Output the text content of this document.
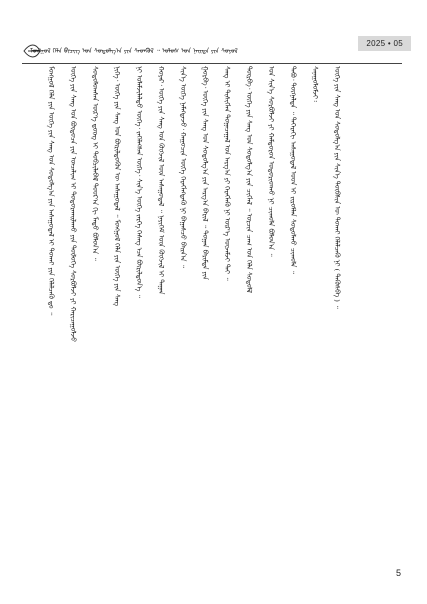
2025 • 05
ᠮᠣᠩᠭᠣᠯ ᠬᠡᠯᠡ ᠪᠢᠴᠢᠭ ᠤᠨ ᠰᠣᠳᠤᠯᠭ᠎ᠠ ᠶᠢᠨ ᠰᠡᠳᠬᠦᠯ ᠃ ᠤᠯᠤᠰ ᠤᠨ ᠨᠡᠢᠲᠡ ᠶᠢᠨ ᠰᠣᠶᠤᠯ
ᠮᠣᠩᠭᠣᠯ ᠬᠡᠯᠡ ᠶᠢᠨ ᠦᠭᠡ ᠶᠢᠨ ᠰᠠᠩ ᠤᠨ ᠰᠣᠳᠤᠯᠭ᠎ᠠ ᠶᠢᠨ ᠠᠰᠠᠭᠤᠳᠠᠯ ᠢ ᠲᠤᠬᠠᠢ ᠶᠢᠨ ᠬᠡᠯᠡᠯᠴᠡᠬᠦ ᠳᠤ ᠃ ᠦᠭᠡ ᠶᠢᠨ ᠰᠠᠩ ᠤᠨ ᠪᠦᠲᠦᠴᠡ ᠶᠢᠨ ᠣᠨᠴᠠᠯᠢᠭ ᠢ ᠲᠣᠳᠣᠷᠬᠠᠢᠯᠠᠬᠤ ᠶᠢᠨ ᠲᠥᠯᠦᠭᠡ ᠰᠤᠷᠪᠤᠯᠵᠢ ᠶᠢ ᠬᠠᠷᠢᠴᠠᠭᠤᠯᠵᠤ ᠰᠤᠳᠤᠯᠤᠭᠰᠠᠨ ᠦᠷ᠎ᠡ ᠳ᠋ᠦᠩ ᠢ ᠲᠣᠪᠴᠢᠯᠠᠪᠠᠯ ᠳᠣᠣᠷ᠎ᠠ ᠬᠢ ᠮᠡᠲᠦ ᠪᠣᠯᠤᠨ᠎ᠠ ᠃ ᠨᠢᠭᠡ᠂ ᠦᠭᠡ ᠶᠢᠨ ᠰᠠᠩ ᠤᠨ ᠪᠦᠷᠢᠯᠳᠦᠬᠦᠨ ᠦ ᠠᠰᠠᠭᠤᠳᠠᠯ ᠃ ᠮᠣᠩᠭᠣᠯ ᠬᠡᠯᠡ ᠶᠢᠨ ᠦᠭᠡ ᠶᠢᠨ ᠰᠠᠩ ᠨᠢ ᠤᠯᠠᠮᠵᠢᠯᠠᠯᠲᠤ ᠦᠭᠡ᠂ ᠵᠡᠭᠡᠯᠡᠭᠰᠡᠨ ᠦᠭᠡ᠂ ᠰᠢᠨ᠎ᠡ ᠦᠭᠡ ᠵᠡᠷᠭᠡ ᠬᠡᠰᠡᠭ ᠡᠴᠡ ᠪᠦᠷᠢᠯᠳᠦᠨ᠎ᠡ ᠃ ᠬᠣᠶᠠᠷ᠂ ᠦᠭᠡ ᠶᠢᠨ ᠰᠠᠩ ᠤᠨ ᠬᠥᠭᠵᠢᠯ ᠦᠨ ᠠᠰᠠᠭᠤᠳᠠᠯ ᠃ ᠨᠡᠶᠢᠭᠡᠮ ᠦᠨ ᠬᠥᠭᠵᠢᠯ ᠢ ᠳᠠᠭᠠᠨ ᠰᠢᠨ᠎ᠡ ᠦᠭᠡ ᠨᠡᠮᠡᠭᠳᠡᠵᠦ᠂ ᠬᠠᠭᠤᠴᠢᠨ ᠦᠭᠡ ᠬᠡᠷᠡᠭᠯᠡᠭᠳᠡᠬᠦ ᠨᠢ ᠪᠠᠭᠠᠰᠴᠤ ᠪᠠᠢᠨ᠎ᠠ ᠃ ᠭᠤᠷᠪᠠ᠂ ᠦᠭᠡ ᠶᠢᠨ ᠰᠠᠩ ᠤᠨ ᠰᠤᠳᠤᠯᠭ᠎ᠠ ᠶᠢᠨ ᠠᠷᠭ᠎ᠠ ᠪᠠᠷᠢᠯ ᠃ ᠲᠣᠭᠠᠨ ᠪᠠᠷᠢᠮᠲᠠ ᠶᠢᠨ ᠰᠠᠩ ᠢ ᠲᠢᠰᠢᠭᠯᠡᠨ ᠲᠣᠭᠠᠴᠠᠭᠠᠯ ᠤᠨ ᠠᠷᠭ᠎ᠠ ᠶᠢ ᠬᠡᠷᠡᠭᠯᠡᠬᠦ ᠨᠢ ᠦᠷ᠎ᠡ ᠦᠵᠡᠮᠵᠢ ᠲᠠᠢ ᠃ ᠳᠥᠷᠪᠡ᠂ ᠦᠭᠡ ᠶᠢᠨ ᠰᠠᠩ ᠤᠨ ᠰᠤᠳᠤᠯᠭ᠎ᠠ ᠶᠢᠨ ᠴᠢᠭᠯᠡᠯ ᠃ ᠣᠷᠴᠢᠨ ᠴᠠᠭ ᠤᠨ ᠬᠡᠯᠡ ᠰᠤᠳᠤᠯᠯ ᠤᠨ ᠰᠢᠨ᠎ᠡ ᠰᠤᠷᠪᠤᠯᠵᠢ ᠶᠢ ᠬᠠᠮᠲᠤᠷᠤᠨ ᠤᠳᠤᠷᠢᠳᠬᠤ ᠨᠢ ᠴᠢᠬᠤᠯᠠ ᠪᠣᠯᠤᠨ᠎ᠠ ᠃ ᠲᠠᠪᠤ᠂ ᠳᠦᠭᠨᠡᠯᠲᠡ ᠃ ᠳᠡᠭᠡᠷᠡᠬᠢ ᠠᠰᠠᠭᠤᠳᠠᠯ ᠤᠳ ᠢ ᠵᠢᠷᠤᠮᠯᠠᠨ ᠰᠤᠳᠤᠯᠬᠤ ᠴᠢᠬᠤᠯᠠ ᠃ ᠰᠠᠨᠠᠭᠤᠯᠤᠮᠵᠢ᠄ ᠦᠭᠡ ᠶᠢᠨ ᠰᠠᠩ ᠤᠨ ᠰᠤᠳᠤᠯᠭ᠎ᠠ ᠶᠢᠨ ᠰᠢᠨ᠎ᠡ ᠲᠦᠪᠰᠢᠨ ᠦ ᠲᠤᠬᠠᠢ ᠬᠡᠯᠡᠯᠴᠡᠬᠦ ᠨᠢ ( ᠲᠡᠭᠦᠰᠪᠡ ) ᠃
5
